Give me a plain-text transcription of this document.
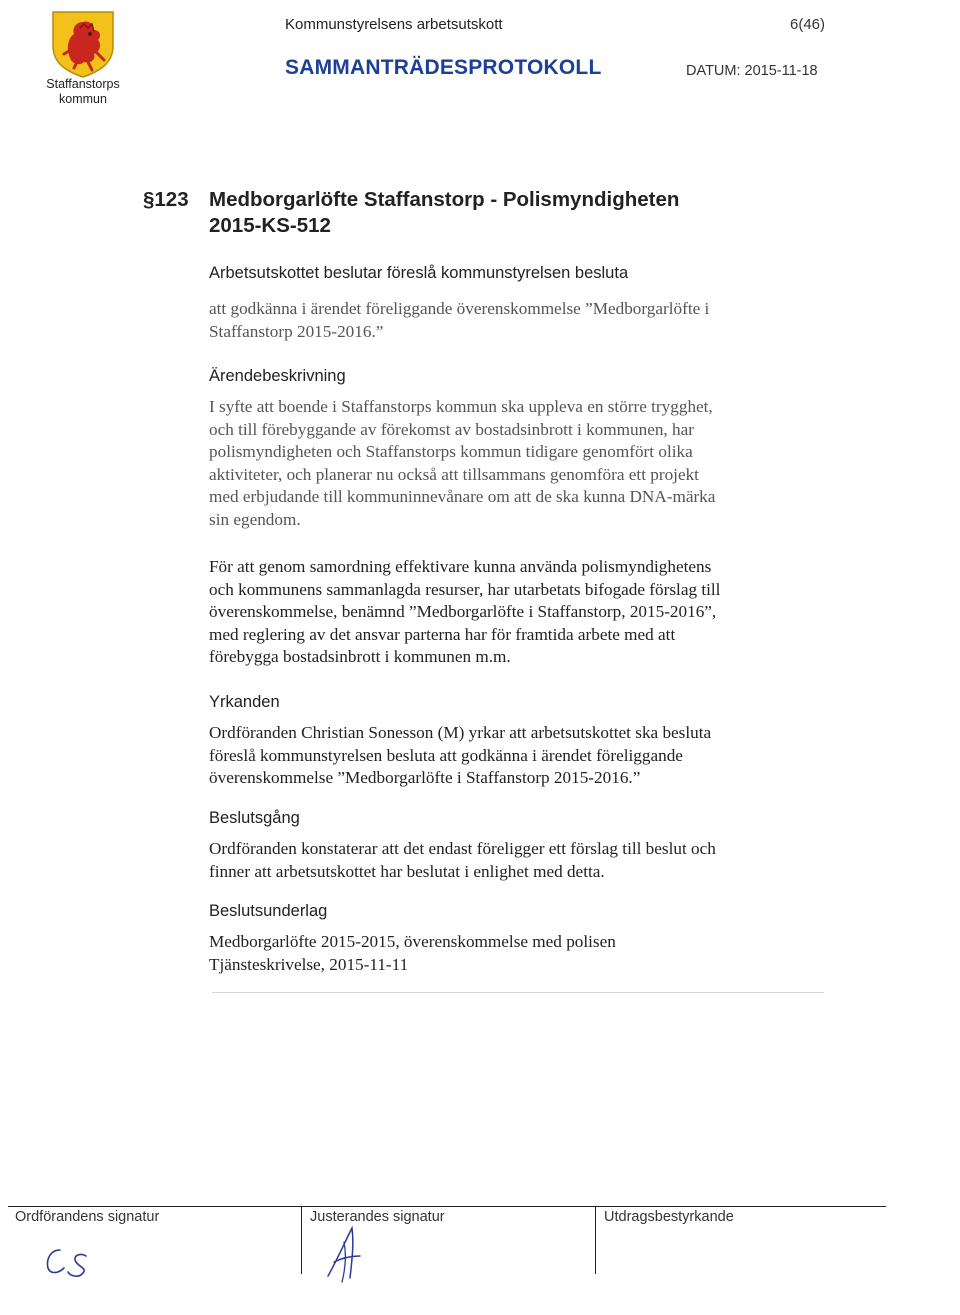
Staffanstorps
kommun
Kommunstyrelsens arbetsutskott	6(46)
SAMMANTRÄDESPROTOKOLL	DATUM: 2015-11-18
§123 Medborgarlöfte Staffanstorp - Polismyndigheten
2015-KS-512
Arbetsutskottet beslutar föreslå kommunstyrelsen besluta

att godkänna i ärendet föreliggande överenskommelse ”Medborgarlöfte i

Staffanstorp 2015-2016.”

Ärendebeskrivning

I syfte att boende i Staffanstorps kommun ska uppleva en större trygghet,

och till förebyggande av förekomst av bostadsinbrott i kommunen, har

polismyndigheten och Staffanstorps kommun tidigare genomfört olika

aktiviteter, och planerar nu också att tillsammans genomföra ett projekt

med erbjudande till kommuninnevånare om att de ska kunna DNA-märka

sin egendom.

För att genom samordning effektivare kunna använda polismyndighetens

och kommunens sammanlagda resurser, har utarbetats bifogade förslag till

överenskommelse, benämnd ”Medborgarlöfte i Staffanstorp, 2015-2016”,

med reglering av det ansvar parterna har för framtida arbete med att

förebygga bostadsinbrott i kommunen m.m.

Yrkanden

Ordföranden Christian Sonesson (M) yrkar att arbetsutskottet ska besluta

föreslå kommunstyrelsen besluta att godkänna i ärendet föreliggande

överenskommelse ”Medborgarlöfte i Staffanstorp 2015-2016.”

Beslutsgång

Ordföranden konstaterar att det endast föreligger ett förslag till beslut och

finner att arbetsutskottet har beslutat i enlighet med detta.

Beslutsunderlag

Medborgarlöfte 2015-2015, överenskommelse med polisen

Tjänsteskrivelse, 2015-11-11

Ordförandens signatur	Justerandes signatur	Utdragsbestyrkande
